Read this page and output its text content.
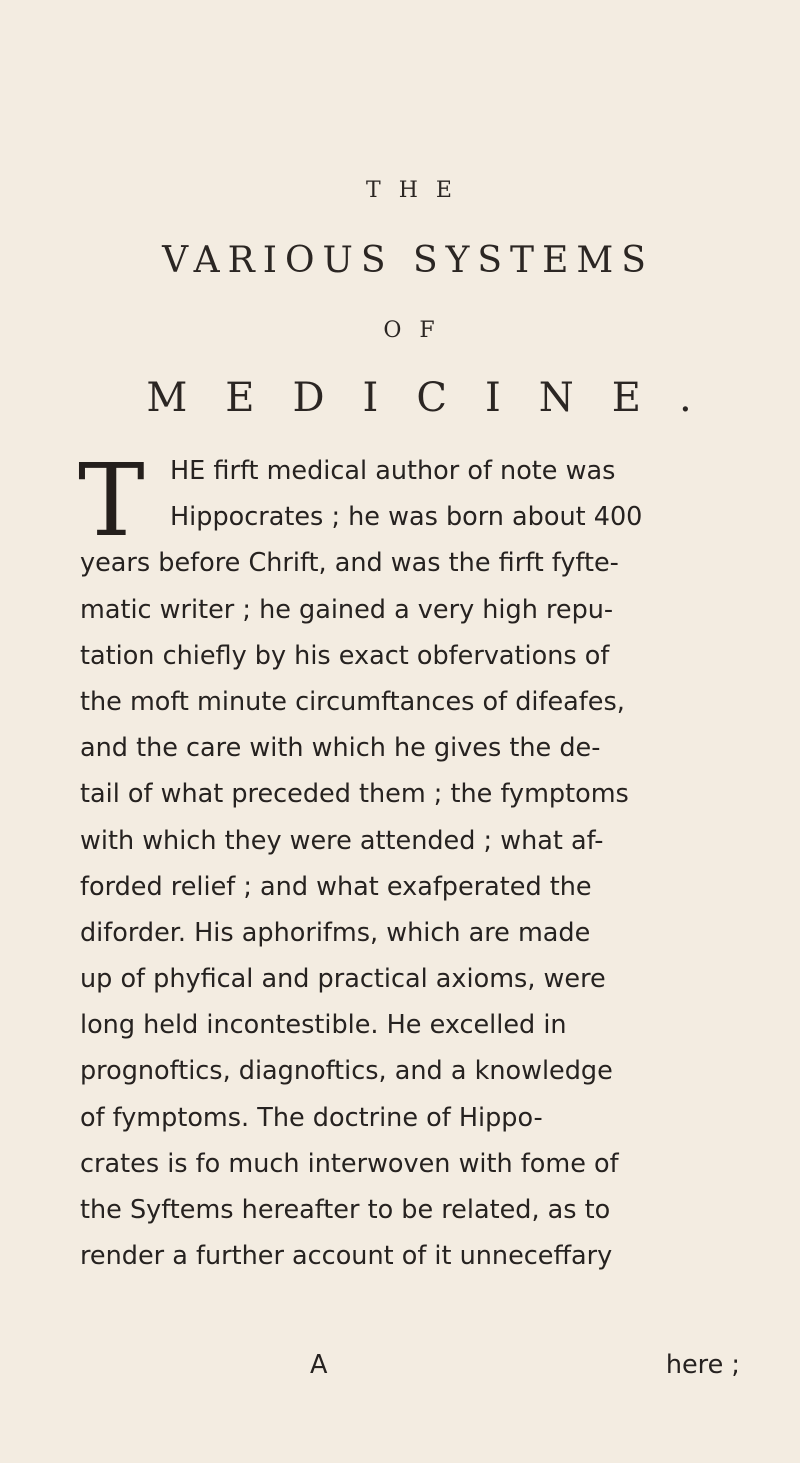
THE
VARIOUS SYSTEMS
OF
MEDICINE.
T HE firft medical author of note was
Hippocrates ; he was born about 400
years before Chrift, and was the firft fyfte-
matic writer ; he gained a very high repu-
tation chiefly by his exact obfervations of
the moft minute circumftances of difeafes,
and the care with which he gives the de-
tail of what preceded them ; the fymptoms
with which they were attended ; what af-
forded relief ; and what exafperated the
diforder. His aphorifms, which are made
up of phyfical and practical axioms, were
long held incontestible. He excelled in
prognoftics, diagnoftics, and a knowledge
of fymptoms. The doctrine of Hippo-
crates is fo much interwoven with fome of
the Syftems hereafter to be related, as to
render a further account of it unneceffary
A	here ;
